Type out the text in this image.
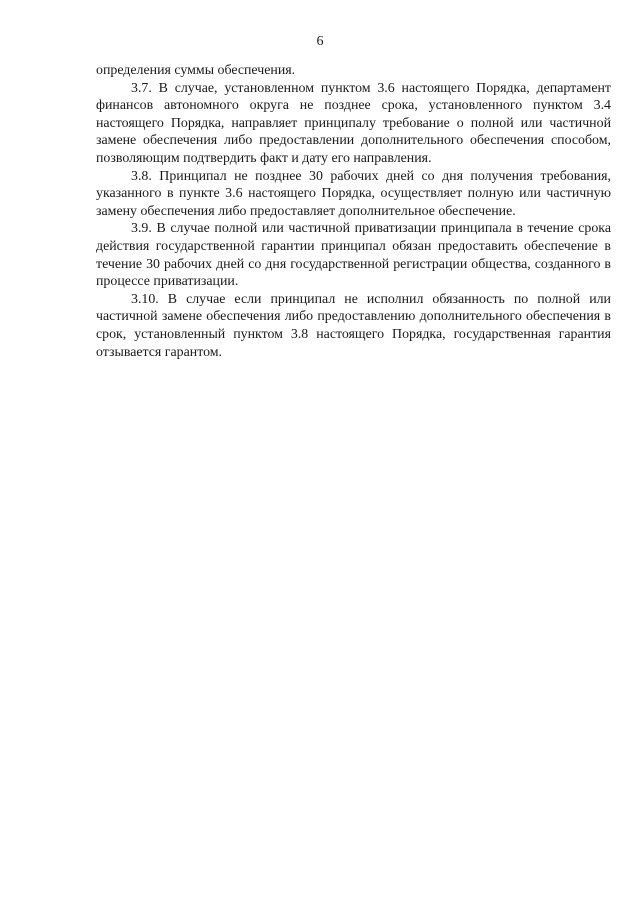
6

определения суммы обеспечения.

3.7. В случае, установленном пунктом 3.6 настоящего Порядка, департамент финансов автономного округа не позднее срока, установленного пунктом 3.4 настоящего Порядка, направляет принципалу требование о полной или частичной замене обеспечения либо предоставлении дополнительного обеспечения способом, позволяющим подтвердить факт и дату его направления.

3.8. Принципал не позднее 30 рабочих дней со дня получения требования, указанного в пункте 3.6 настоящего Порядка, осуществляет полную или частичную замену обеспечения либо предоставляет дополнительное обеспечение.

3.9. В случае полной или частичной приватизации принципала в течение срока действия государственной гарантии принципал обязан предоставить обеспечение в течение 30 рабочих дней со дня государственной регистрации общества, созданного в процессе приватизации.

3.10. В случае если принципал не исполнил обязанность по полной или частичной замене обеспечения либо предоставлению дополнительного обеспечения в срок, установленный пунктом 3.8 настоящего Порядка, государственная гарантия отзывается гарантом.
